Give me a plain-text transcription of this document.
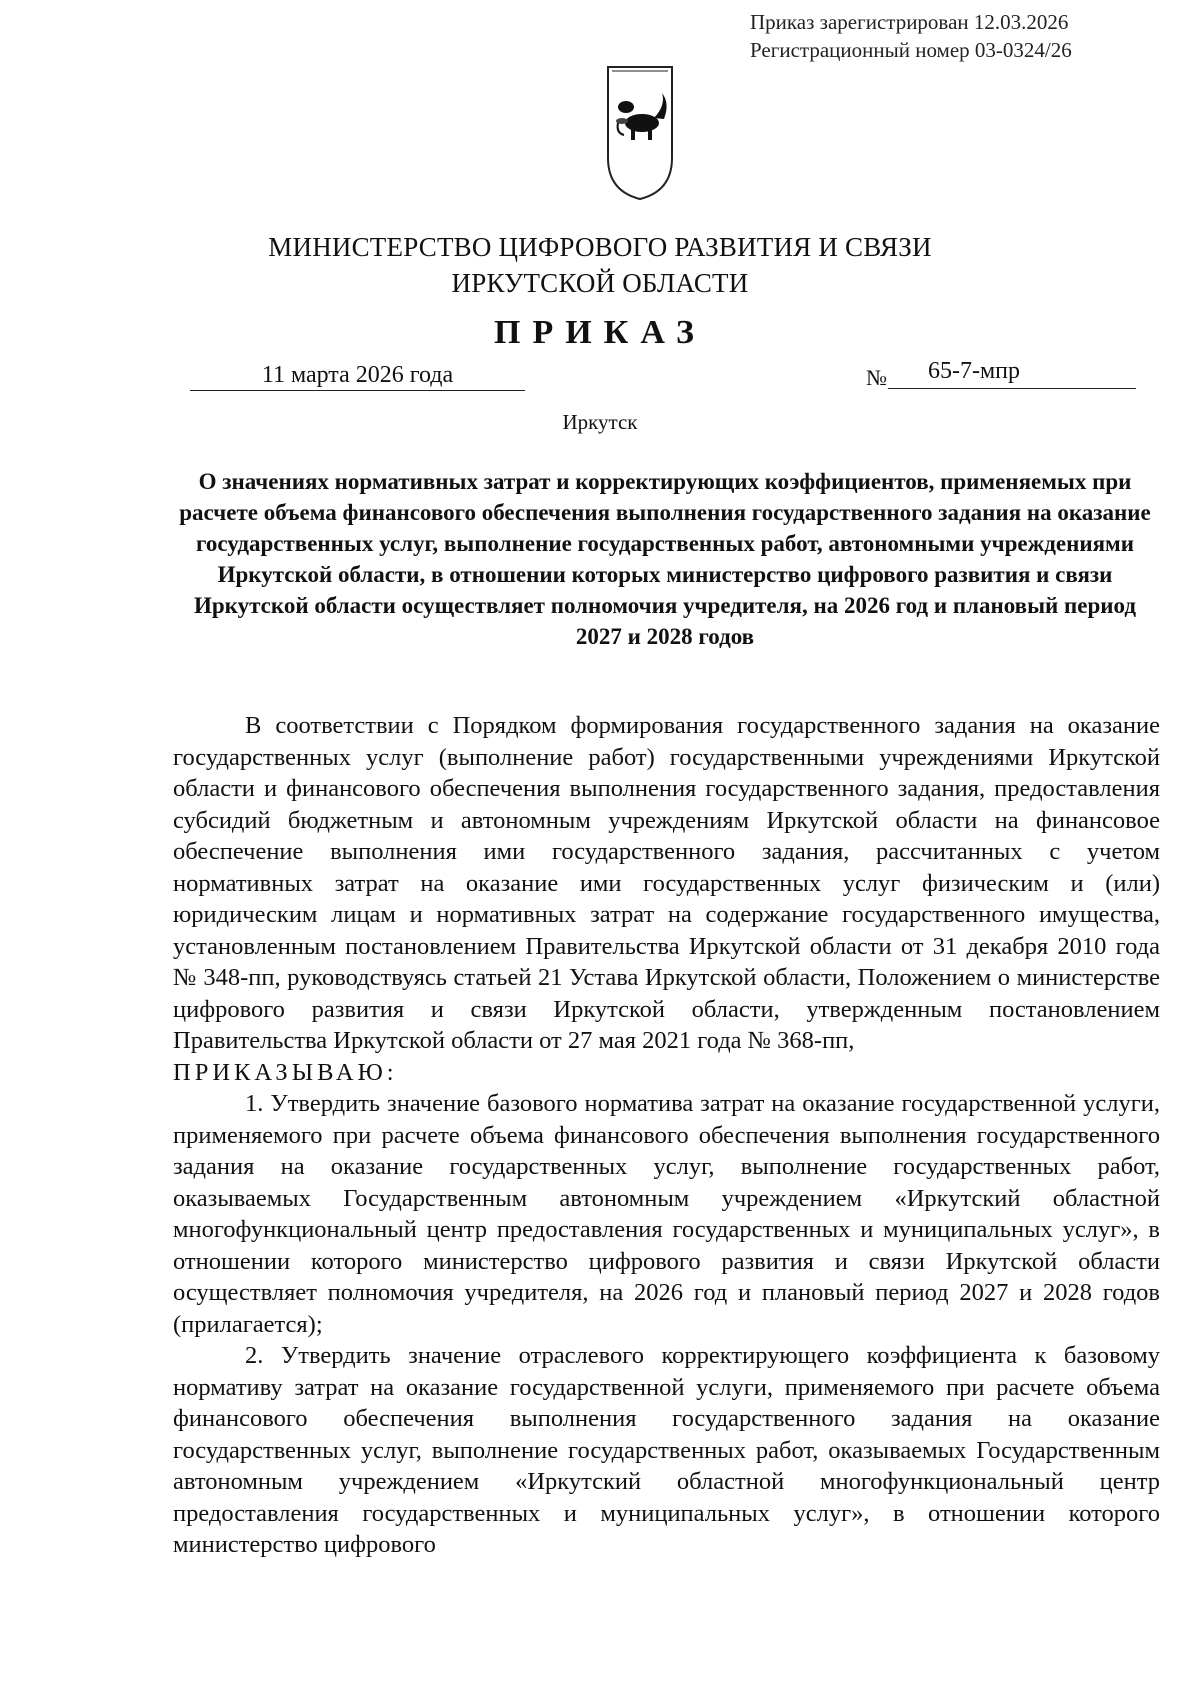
Приказ зарегистрирован 12.03.2026
Регистрационный номер 03-0324/26
МИНИСТЕРСТВО ЦИФРОВОГО РАЗВИТИЯ И СВЯЗИ
ИРКУТСКОЙ ОБЛАСТИ
ПРИКАЗ
11 марта 2026 года	№	65-7-мпр
Иркутск
О значениях нормативных затрат и корректирующих коэффициентов, применяемых при расчете объема финансового обеспечения выполнения государственного задания на оказание государственных услуг, выполнение государственных работ, автономными учреждениями Иркутской области, в отношении которых министерство цифрового развития и связи Иркутской области осуществляет полномочия учредителя, на 2026 год и плановый период 2027 и 2028 годов

В соответствии с Порядком формирования государственного задания на оказание государственных услуг (выполнение работ) государственными учреждениями Иркутской области и финансового обеспечения выполнения государственного задания, предоставления субсидий бюджетным и автономным учреждениям Иркутской области на финансовое обеспечение выполнения ими государственного задания, рассчитанных с учетом нормативных затрат на оказание ими государственных услуг физическим и (или) юридическим лицам и нормативных затрат на содержание государственного имущества, установленным постановлением Правительства Иркутской области от 31 декабря 2010 года № 348-пп, руководствуясь статьей 21 Устава Иркутской области, Положением о министерстве цифрового развития и связи Иркутской области, утвержденным постановлением Правительства Иркутской области от 27 мая 2021 года № 368-пп,

ПРИКАЗЫВАЮ:

1. Утвердить значение базового норматива затрат на оказание государственной услуги, применяемого при расчете объема финансового обеспечения выполнения государственного задания на оказание государственных услуг, выполнение государственных работ, оказываемых Государственным автономным учреждением «Иркутский областной многофункциональный центр предоставления государственных и муниципальных услуг», в отношении которого министерство цифрового развития и связи Иркутской области осуществляет полномочия учредителя, на 2026 год и плановый период 2027 и 2028 годов (прилагается);

2. Утвердить значение отраслевого корректирующего коэффициента к базовому нормативу затрат на оказание государственной услуги, применяемого при расчете объема финансового обеспечения выполнения государственного задания на оказание государственных услуг, выполнение государственных работ, оказываемых Государственным автономным учреждением «Иркутский областной многофункциональный центр предоставления государственных и муниципальных услуг», в отношении которого министерство цифрового
